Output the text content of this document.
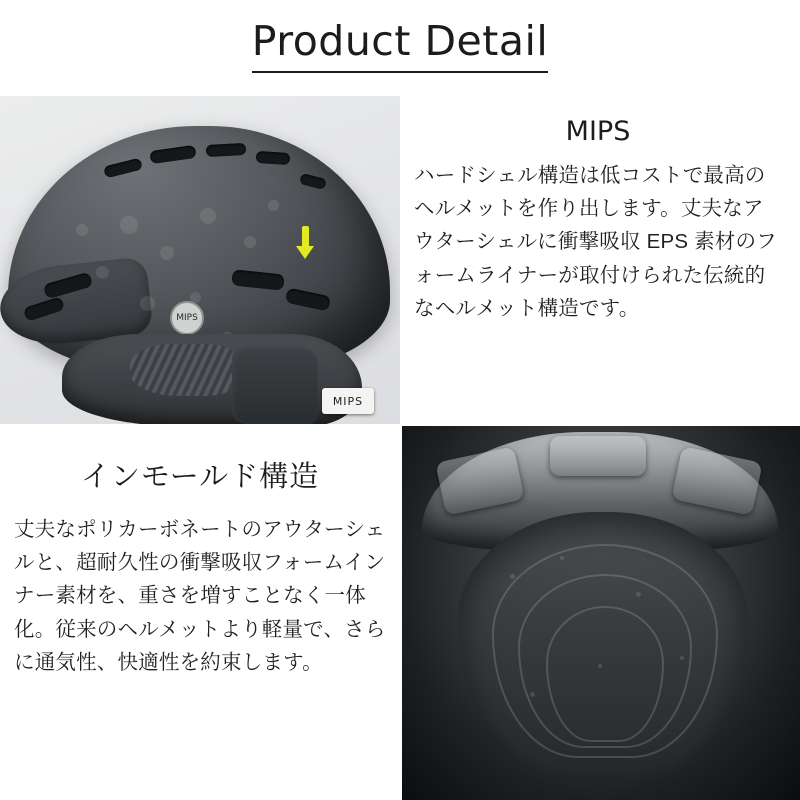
Product Detail
MIPS
MIPS
MIPS
ハードシェル構造は低コストで最高のヘルメットを作り出します。丈夫なアウターシェルに衝撃吸収 EPS 素材のフォームライナーが取付けられた伝統的なヘルメット構造です。
インモールド構造
丈夫なポリカーボネートのアウターシェルと、超耐久性の衝撃吸収フォームインナー素材を、重さを増すことなく一体化。従来のヘルメットより軽量で、さらに通気性、快適性を約束します。
